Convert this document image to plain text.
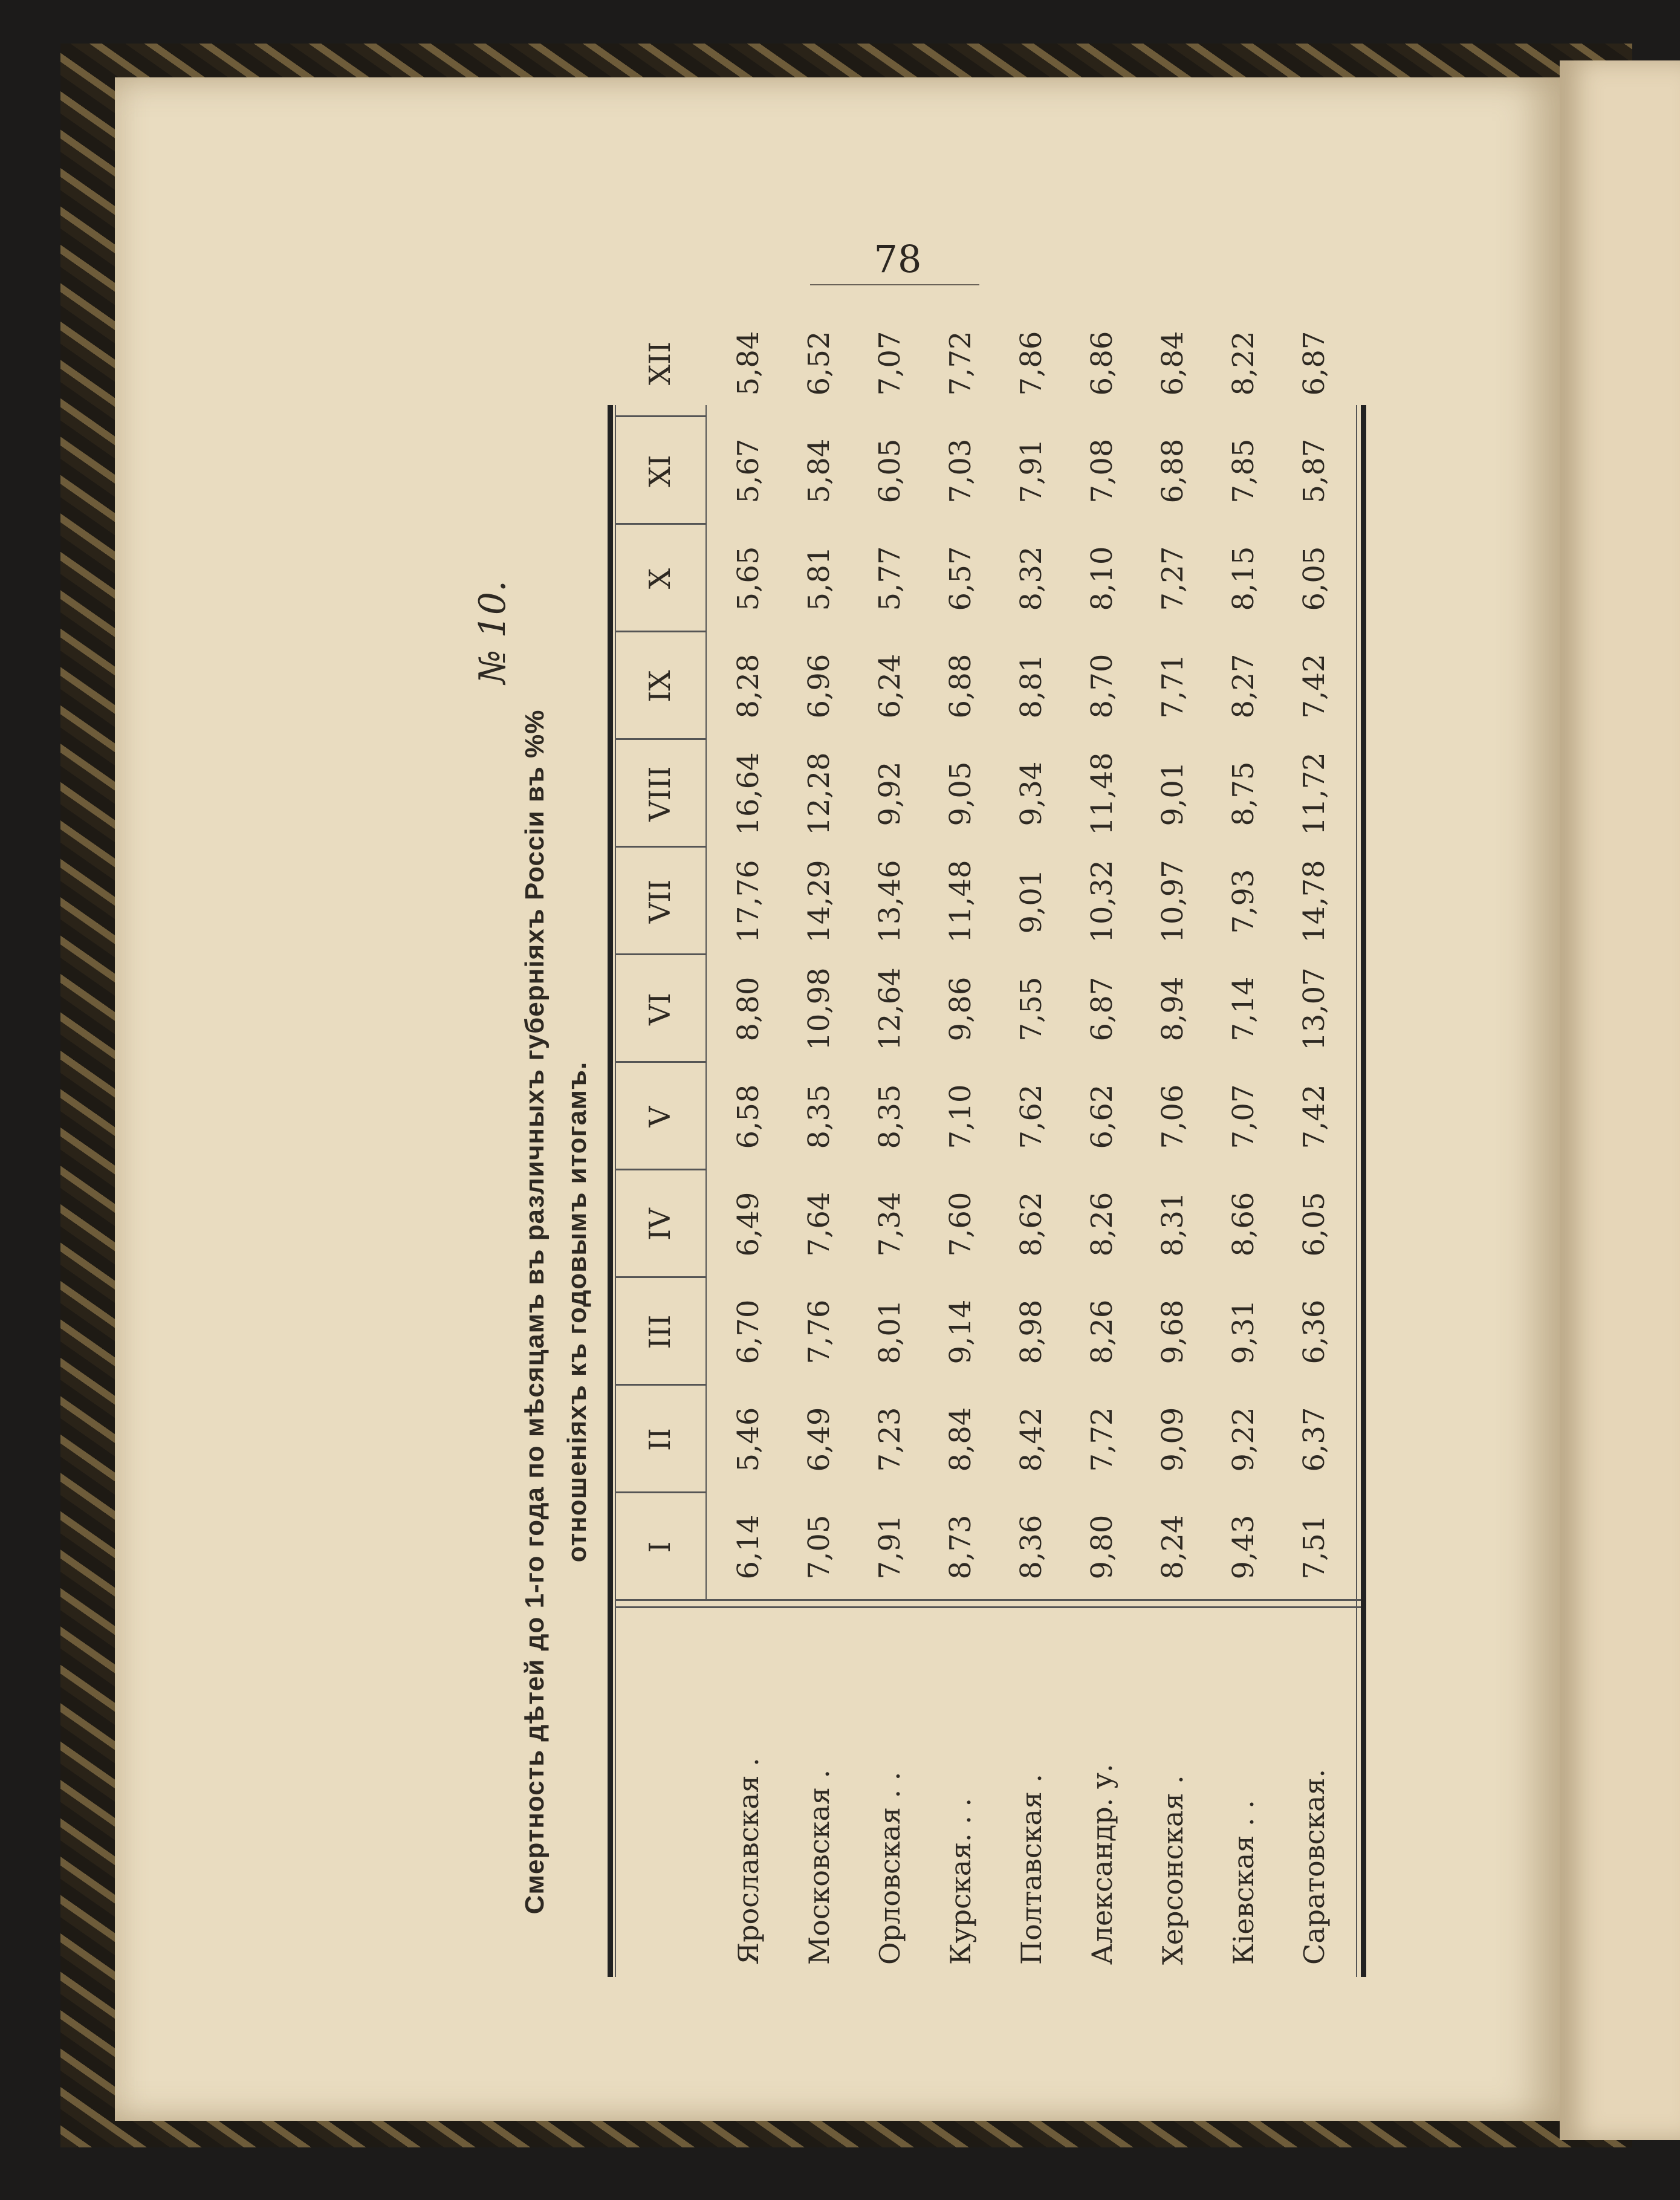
78
№ 10.
Смертность дѣтей до 1-го года по мѣсяцамъ въ различныхъ губерніяхъ Россіи въ %% отношеніяхъ къ годовымъ итогамъ.	I
II
III
IV
V
VI
VII
VIII
IX
X
XI
XII
Ярославская .
6,14
5,46
6,70
6,49
6,58
8,80
17,76
16,64
8,28
5,65
5,67
5,84
Московская .
7,05
6,49
7,76
7,64
8,35
10,98
14,29
12,28
6,96
5,81
5,84
6,52
Орловская . .
7,91
7,23
8,01
7,34
8,35
12,64
13,46
9,92
6,24
5,77
6,05
7,07
Курская. . .
8,73
8,84
9,14
7,60
7,10
9,86
11,48
9,05
6,88
6,57
7,03
7,72
Полтавская .
8,36
8,42
8,98
8,62
7,62
7,55
9,01
9,34
8,81
8,32
7,91
7,86
Александр. у.
9,80
7,72
8,26
8,26
6,62
6,87
10,32
11,48
8,70
8,10
7,08
6,86
Херсонская .
8,24
9,09
9,68
8,31
7,06
8,94
10,97
9,01
7,71
7,27
6,88
6,84
Кіевская . .
9,43
9,22
9,31
8,66
7,07
7,14
7,93
8,75
8,27
8,15
7,85
8,22
Саратовская.
7,51
6,37
6,36
6,05
7,42
13,07
14,78
11,72
7,42
6,05
5,87
6,87
